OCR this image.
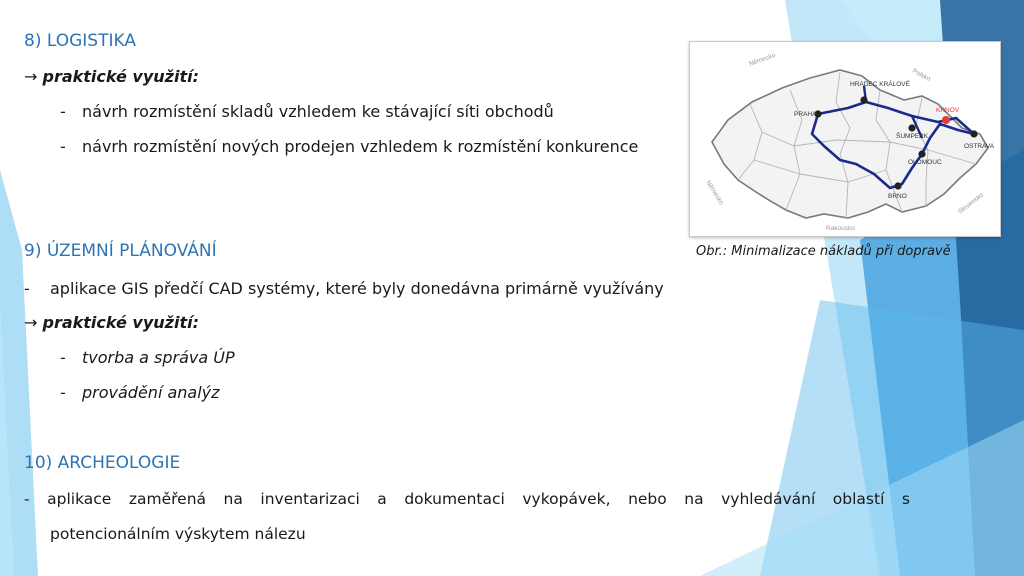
8) LOGISTIKA
→ praktické využití:
- návrh rozmístění skladů vzhledem ke stávající síti obchodů
- návrh rozmístění nových prodejen vzhledem k rozmístění konkurence
PRAHA
HRADEC KRÁLOVÉ
KRNOV
ŠUMPERK
OSTRAVA
OLOMOUC
BRNO
Německo
Polsko
Německo
Rakousko
Slovensko
Obr.: Minimalizace nákladů při dopravě
9) ÚZEMNÍ PLÁNOVÁNÍ
- aplikace GIS předčí CAD systémy, které byly donedávna primárně využívány
→ praktické využití:
- tvorba a správa ÚP
- provádění analýz
10) ARCHEOLOGIE
- aplikace zaměřená na inventarizaci a dokumentaci vykopávek, nebo na vyhledávání oblastí s
potencionálním výskytem nálezu
